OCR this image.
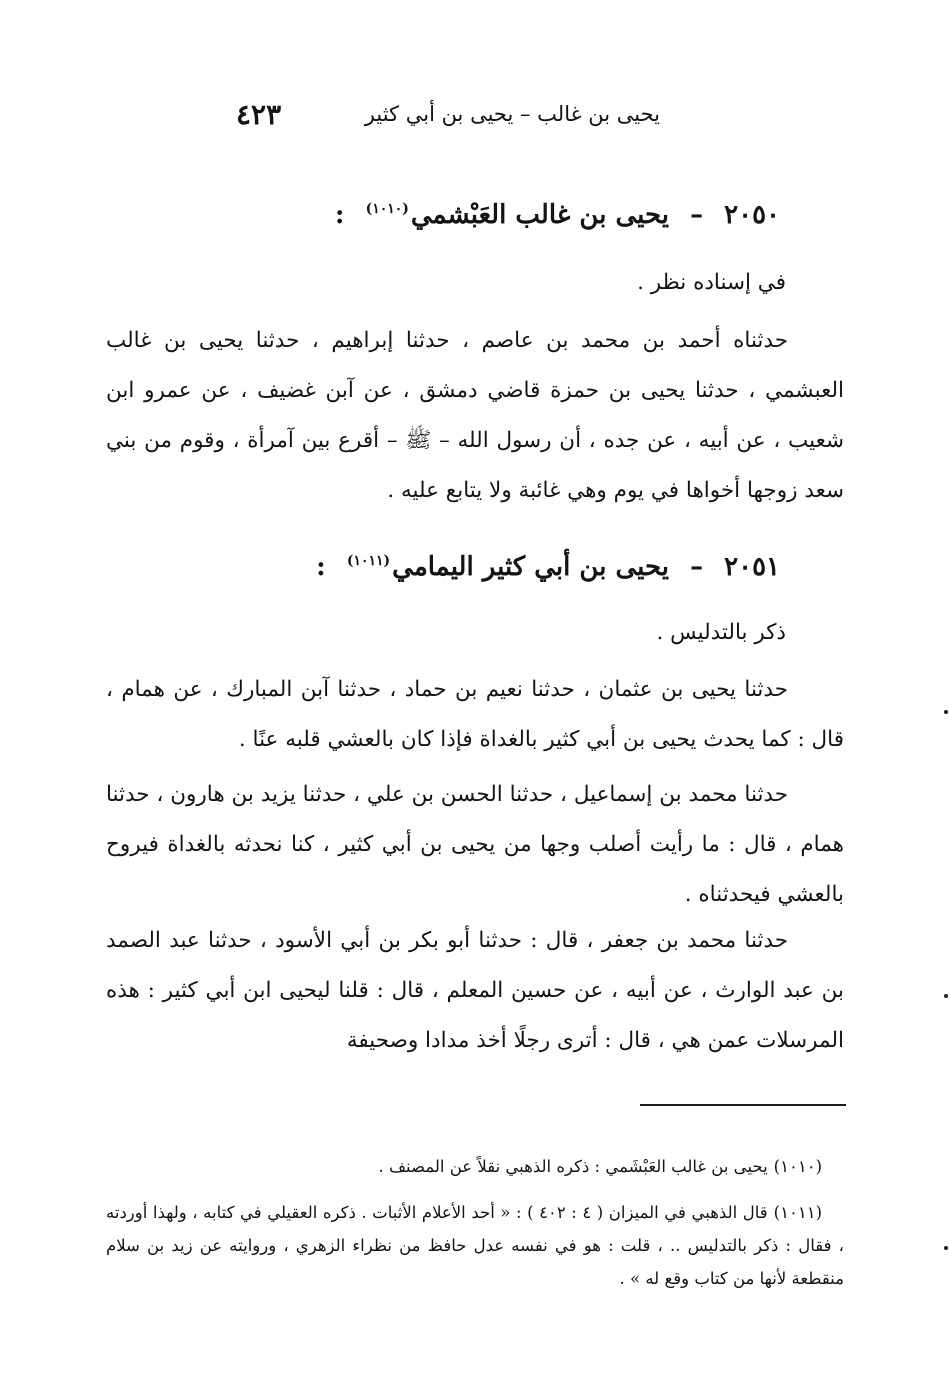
يحيى بن غالب – يحيى بن أبي كثير
٤٢٣
٢٠٥٠ – يحيى بن غالب العَبْشمي$^{(١٠١٠)}$ :
في إسناده نظر .
حدثناه أحمد بن محمد بن عاصم ، حدثنا إبراهيم ، حدثنا يحيى بن غالب العبشمي ، حدثنا يحيى بن حمزة قاضي دمشق ، عن آبن غضيف ، عن عمرو ابن شعيب ، عن أبيه ، عن جده ، أن رسول الله – ﷺ – أقرع بين آمرأة ، وقوم من بني سعد زوجها أخواها في يوم وهي غائبة ولا يتابع عليه .
٢٠٥١ – يحيى بن أبي كثير اليمامي$^{(١٠١١)}$ :
ذكر بالتدليس .
حدثنا يحيى بن عثمان ، حدثنا نعيم بن حماد ، حدثنا آبن المبارك ، عن همام ، قال : كما يحدث يحيى بن أبي كثير بالغداة فإذا كان بالعشي قلبه عنًا .
حدثنا محمد بن إسماعيل ، حدثنا الحسن بن علي ، حدثنا يزيد بن هارون ، حدثنا همام ، قال : ما رأيت أصلب وجها من يحيى بن أبي كثير ، كنا نحدثه بالغداة فيروح بالعشي فيحدثناه .
حدثنا محمد بن جعفر ، قال : حدثنا أبو بكر بن أبي الأسود ، حدثنا عبد الصمد بن عبد الوارث ، عن أبيه ، عن حسين المعلم ، قال : قلنا ليحيى ابن أبي كثير : هذه المرسلات عمن هي ، قال : أترى رجلًا أخذ مدادا وصحيفة
(١٠١٠)يحيى بن غالب العَبْشَمي : ذكره الذهبي نقلاً عن المصنف .
(١٠١١)قال الذهبي في الميزان ( ٤ : ٤٠٢ ) : « أحد الأعلام الأثبات . ذكره العقيلي في كتابه ، ولهذا أوردته ، فقال : ذكر بالتدليس .. ، قلت : هو في نفسه عدل حافظ من نظراء الزهري ، وروايته عن زيد بن سلام منقطعة لأنها من كتاب وقع له » .
